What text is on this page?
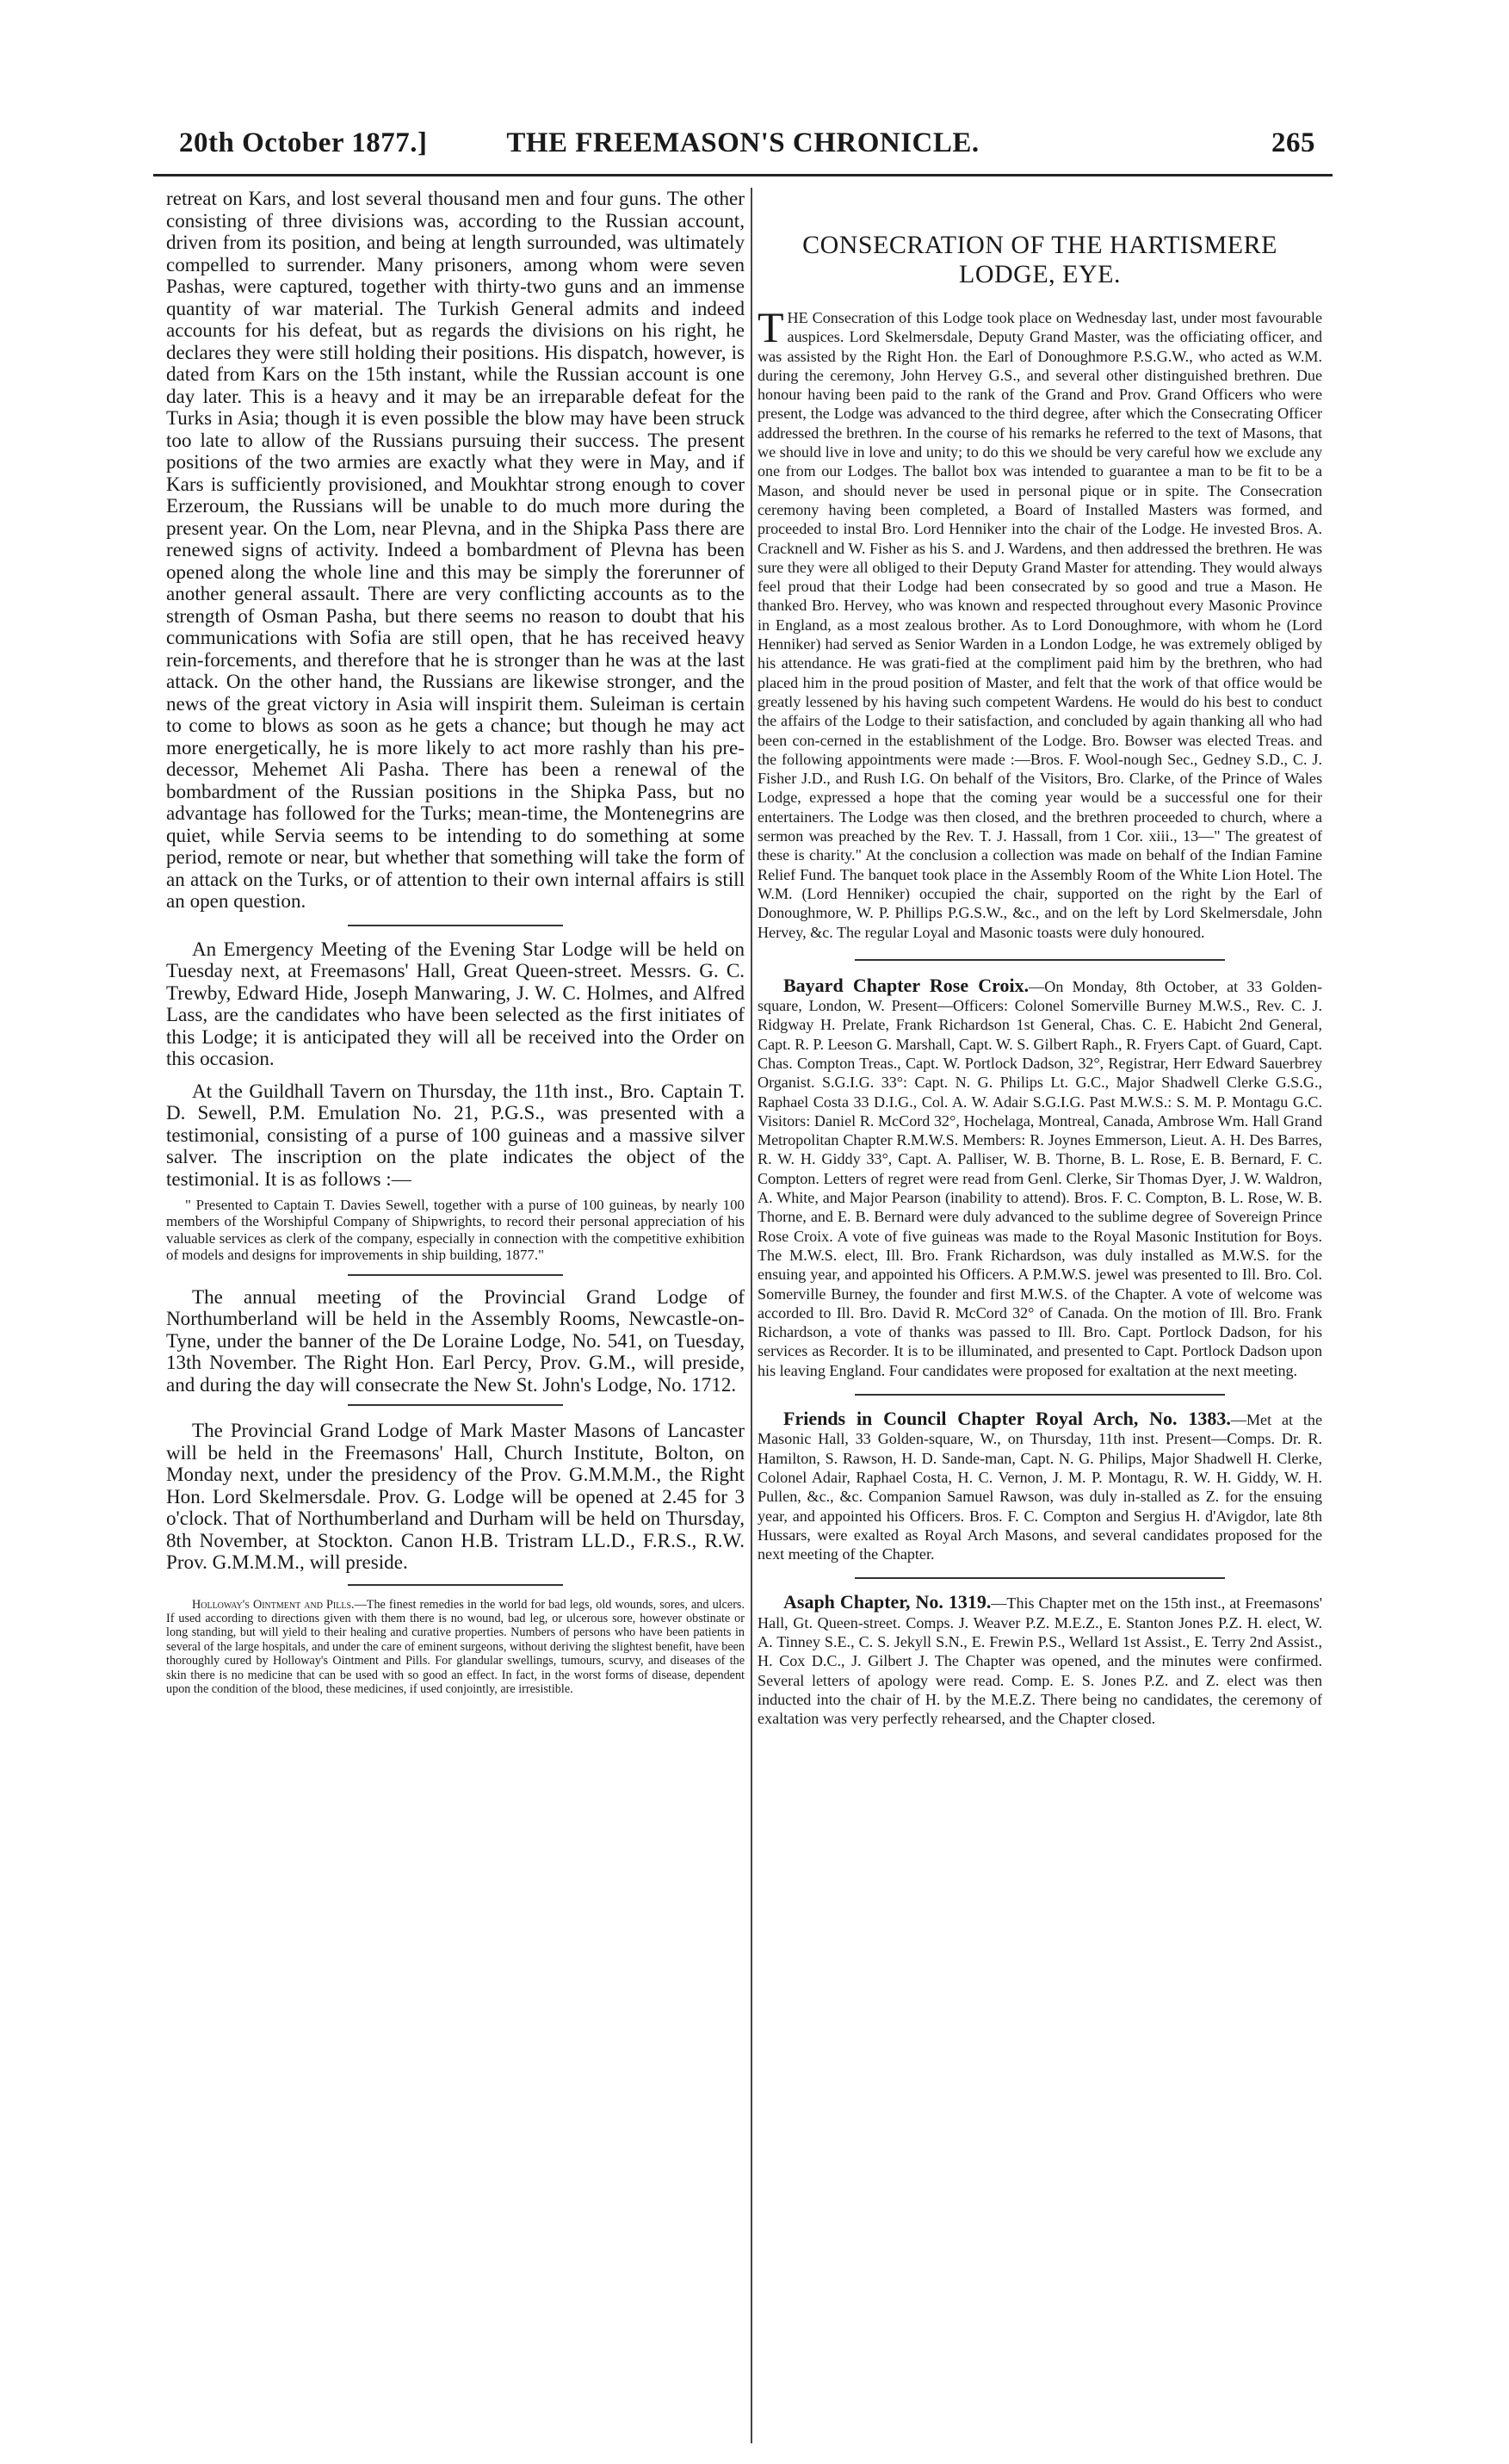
20th October 1877.]	THE FREEMASON'S CHRONICLE.	265

retreat on Kars, and lost several thousand men and four guns. The other consisting of three divisions was, according to the Russian account, driven from its position, and being at length surrounded, was ultimately compelled to surrender. Many prisoners, among whom were seven Pashas, were captured, together with thirty-two guns and an immense quantity of war material. The Turkish General admits and indeed accounts for his defeat, but as regards the divisions on his right, he declares they were still holding their positions. His dispatch, however, is dated from Kars on the 15th instant, while the Russian account is one day later. This is a heavy and it may be an irreparable defeat for the Turks in Asia; though it is even possible the blow may have been struck too late to allow of the Russians pursuing their success. The present positions of the two armies are exactly what they were in May, and if Kars is sufficiently provisioned, and Moukhtar strong enough to cover Erzeroum, the Russians will be unable to do much more during the present year. On the Lom, near Plevna, and in the Shipka Pass there are renewed signs of activity. Indeed a bombardment of Plevna has been opened along the whole line and this may be simply the forerunner of another general assault. There are very conflicting accounts as to the strength of Osman Pasha, but there seems no reason to doubt that his communications with Sofia are still open, that he has received heavy rein-forcements, and therefore that he is stronger than he was at the last attack. On the other hand, the Russians are likewise stronger, and the news of the great victory in Asia will inspirit them. Suleiman is certain to come to blows as soon as he gets a chance; but though he may act more energetically, he is more likely to act more rashly than his pre-decessor, Mehemet Ali Pasha. There has been a renewal of the bombardment of the Russian positions in the Shipka Pass, but no advantage has followed for the Turks; mean-time, the Montenegrins are quiet, while Servia seems to be intending to do something at some period, remote or near, but whether that something will take the form of an attack on the Turks, or of attention to their own internal affairs is still an open question.

An Emergency Meeting of the Evening Star Lodge will be held on Tuesday next, at Freemasons' Hall, Great Queen-street. Messrs. G. C. Trewby, Edward Hide, Joseph Manwaring, J. W. C. Holmes, and Alfred Lass, are the candidates who have been selected as the first initiates of this Lodge; it is anticipated they will all be received into the Order on this occasion.

At the Guildhall Tavern on Thursday, the 11th inst., Bro. Captain T. D. Sewell, P.M. Emulation No. 21, P.G.S., was presented with a testimonial, consisting of a purse of 100 guineas and a massive silver salver. The inscription on the plate indicates the object of the testimonial. It is as follows :—

" Presented to Captain T. Davies Sewell, together with a purse of 100 guineas, by nearly 100 members of the Worshipful Company of Shipwrights, to record their personal appreciation of his valuable services as clerk of the company, especially in connection with the competitive exhibition of models and designs for improvements in ship building, 1877."

The annual meeting of the Provincial Grand Lodge of Northumberland will be held in the Assembly Rooms, Newcastle-on-Tyne, under the banner of the De Loraine Lodge, No. 541, on Tuesday, 13th November. The Right Hon. Earl Percy, Prov. G.M., will preside, and during the day will consecrate the New St. John's Lodge, No. 1712.

The Provincial Grand Lodge of Mark Master Masons of Lancaster will be held in the Freemasons' Hall, Church Institute, Bolton, on Monday next, under the presidency of the Prov. G.M.M.M., the Right Hon. Lord Skelmersdale. Prov. G. Lodge will be opened at 2.45 for 3 o'clock. That of Northumberland and Durham will be held on Thursday, 8th November, at Stockton. Canon H.B. Tristram LL.D., F.R.S., R.W. Prov. G.M.M.M., will preside.

Holloway's Ointment and Pills.—The finest remedies in the world for bad legs, old wounds, sores, and ulcers. If used according to directions given with them there is no wound, bad leg, or ulcerous sore, however obstinate or long standing, but will yield to their healing and curative properties. Numbers of persons who have been patients in several of the large hospitals, and under the care of eminent surgeons, without deriving the slightest benefit, have been thoroughly cured by Holloway's Ointment and Pills. For glandular swellings, tumours, scurvy, and diseases of the skin there is no medicine that can be used with so good an effect. In fact, in the worst forms of disease, dependent upon the condition of the blood, these medicines, if used conjointly, are irresistible.

CONSECRATION OF THE HARTISMERE
LODGE, EYE.

THE Consecration of this Lodge took place on Wednesday last, under most favourable auspices. Lord Skelmersdale, Deputy Grand Master, was the officiating officer, and was assisted by the Right Hon. the Earl of Donoughmore P.S.G.W., who acted as W.M. during the ceremony, John Hervey G.S., and several other distinguished brethren. Due honour having been paid to the rank of the Grand and Prov. Grand Officers who were present, the Lodge was advanced to the third degree, after which the Consecrating Officer addressed the brethren. In the course of his remarks he referred to the text of Masons, that we should live in love and unity; to do this we should be very careful how we exclude any one from our Lodges. The ballot box was intended to guarantee a man to be fit to be a Mason, and should never be used in personal pique or in spite. The Consecration ceremony having been completed, a Board of Installed Masters was formed, and proceeded to instal Bro. Lord Henniker into the chair of the Lodge. He invested Bros. A. Cracknell and W. Fisher as his S. and J. Wardens, and then addressed the brethren. He was sure they were all obliged to their Deputy Grand Master for attending. They would always feel proud that their Lodge had been consecrated by so good and true a Mason. He thanked Bro. Hervey, who was known and respected throughout every Masonic Province in England, as a most zealous brother. As to Lord Donoughmore, with whom he (Lord Henniker) had served as Senior Warden in a London Lodge, he was extremely obliged by his attendance. He was grati-fied at the compliment paid him by the brethren, who had placed him in the proud position of Master, and felt that the work of that office would be greatly lessened by his having such competent Wardens. He would do his best to conduct the affairs of the Lodge to their satisfaction, and concluded by again thanking all who had been con-cerned in the establishment of the Lodge. Bro. Bowser was elected Treas. and the following appointments were made :—Bros. F. Wool-nough Sec., Gedney S.D., C. J. Fisher J.D., and Rush I.G. On behalf of the Visitors, Bro. Clarke, of the Prince of Wales Lodge, expressed a hope that the coming year would be a successful one for their entertainers. The Lodge was then closed, and the brethren proceeded to church, where a sermon was preached by the Rev. T. J. Hassall, from 1 Cor. xiii., 13—" The greatest of these is charity." At the conclusion a collection was made on behalf of the Indian Famine Relief Fund. The banquet took place in the Assembly Room of the White Lion Hotel. The W.M. (Lord Henniker) occupied the chair, supported on the right by the Earl of Donoughmore, W. P. Phillips P.G.S.W., &c., and on the left by Lord Skelmersdale, John Hervey, &c. The regular Loyal and Masonic toasts were duly honoured.

Bayard Chapter Rose Croix.—On Monday, 8th October, at 33 Golden-square, London, W. Present—Officers: Colonel Somerville Burney M.W.S., Rev. C. J. Ridgway H. Prelate, Frank Richardson 1st General, Chas. C. E. Habicht 2nd General, Capt. R. P. Leeson G. Marshall, Capt. W. S. Gilbert Raph., R. Fryers Capt. of Guard, Capt. Chas. Compton Treas., Capt. W. Portlock Dadson, 32°, Registrar, Herr Edward Sauerbrey Organist. S.G.I.G. 33°: Capt. N. G. Philips Lt. G.C., Major Shadwell Clerke G.S.G., Raphael Costa 33 D.I.G., Col. A. W. Adair S.G.I.G. Past M.W.S.: S. M. P. Montagu G.C. Visitors: Daniel R. McCord 32°, Hochelaga, Montreal, Canada, Ambrose Wm. Hall Grand Metropolitan Chapter R.M.W.S. Members: R. Joynes Emmerson, Lieut. A. H. Des Barres, R. W. H. Giddy 33°, Capt. A. Palliser, W. B. Thorne, B. L. Rose, E. B. Bernard, F. C. Compton. Letters of regret were read from Genl. Clerke, Sir Thomas Dyer, J. W. Waldron, A. White, and Major Pearson (inability to attend). Bros. F. C. Compton, B. L. Rose, W. B. Thorne, and E. B. Bernard were duly advanced to the sublime degree of Sovereign Prince Rose Croix. A vote of five guineas was made to the Royal Masonic Institution for Boys. The M.W.S. elect, Ill. Bro. Frank Richardson, was duly installed as M.W.S. for the ensuing year, and appointed his Officers. A P.M.W.S. jewel was presented to Ill. Bro. Col. Somerville Burney, the founder and first M.W.S. of the Chapter. A vote of welcome was accorded to Ill. Bro. David R. McCord 32° of Canada. On the motion of Ill. Bro. Frank Richardson, a vote of thanks was passed to Ill. Bro. Capt. Portlock Dadson, for his services as Recorder. It is to be illuminated, and presented to Capt. Portlock Dadson upon his leaving England. Four candidates were proposed for exaltation at the next meeting.

Friends in Council Chapter Royal Arch, No. 1383.—Met at the Masonic Hall, 33 Golden-square, W., on Thursday, 11th inst. Present—Comps. Dr. R. Hamilton, S. Rawson, H. D. Sande-man, Capt. N. G. Philips, Major Shadwell H. Clerke, Colonel Adair, Raphael Costa, H. C. Vernon, J. M. P. Montagu, R. W. H. Giddy, W. H. Pullen, &c., &c. Companion Samuel Rawson, was duly in-stalled as Z. for the ensuing year, and appointed his Officers. Bros. F. C. Compton and Sergius H. d'Avigdor, late 8th Hussars, were exalted as Royal Arch Masons, and several candidates proposed for the next meeting of the Chapter.

Asaph Chapter, No. 1319.—This Chapter met on the 15th inst., at Freemasons' Hall, Gt. Queen-street. Comps. J. Weaver P.Z. M.E.Z., E. Stanton Jones P.Z. H. elect, W. A. Tinney S.E., C. S. Jekyll S.N., E. Frewin P.S., Wellard 1st Assist., E. Terry 2nd Assist., H. Cox D.C., J. Gilbert J. The Chapter was opened, and the minutes were confirmed. Several letters of apology were read. Comp. E. S. Jones P.Z. and Z. elect was then inducted into the chair of H. by the M.E.Z. There being no candidates, the ceremony of exaltation was very perfectly rehearsed, and the Chapter closed.
